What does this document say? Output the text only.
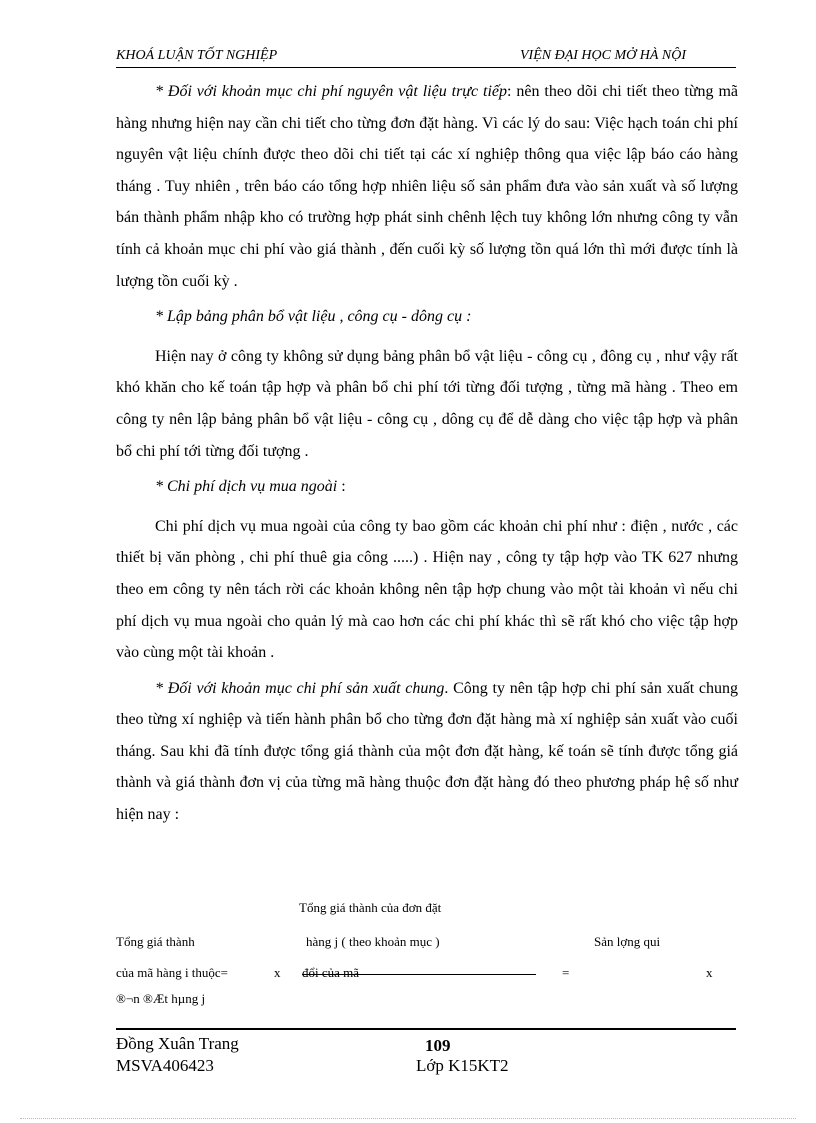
KHOÁ LUẬN TỐT NGHIỆP	VIỆN ĐẠI HỌC MỞ HÀ NỘI

* Đối với khoản mục chi phí nguyên vật liệu trực tiếp: nên theo dõi chi tiết theo từng mã hàng nhưng hiện nay cần chi tiết cho từng đơn đặt hàng. Vì các lý do sau: Việc hạch toán chi phí nguyên vật liệu chính được theo dõi chi tiết tại các xí nghiệp thông qua việc lập báo cáo hàng tháng . Tuy nhiên , trên báo cáo tổng hợp nhiên liệu số sản phẩm đưa vào sản xuất và số lượng bán thành phẩm nhập kho có trường hợp phát sinh chênh lệch tuy không lớn nhưng công ty vẫn tính cả khoản mục chi phí vào giá thành , đến cuối kỳ số lượng tồn quá lớn thì mới được tính là lượng tồn cuối kỳ .

* Lập bảng phân bổ vật liệu , công cụ - dông cụ :

Hiện nay ở công ty không sử dụng bảng phân bổ vật liệu - công cụ , đông cụ , như vậy rất khó khăn cho kế toán tập hợp và phân bổ chi phí tới từng đối tượng , từng mã hàng . Theo em công ty nên lập bảng phân bổ vật liệu - công cụ , dông cụ để dễ dàng cho việc tập hợp và phân bổ chi phí tới từng đối tượng .

* Chi phí dịch vụ mua ngoài :

Chi phí dịch vụ mua ngoài của công ty bao gồm các khoản chi phí như : điện , nước , các thiết bị văn phòng , chi phí thuê gia công .....) . Hiện nay , công ty tập hợp vào TK 627 nhưng theo em công ty nên tách rời các khoản không nên tập hợp chung vào một tài khoản vì nếu chi phí dịch vụ mua ngoài cho quản lý mà cao hơn các chi phí khác thì sẽ rất khó cho việc tập hợp vào cùng một tài khoản .

* Đối với khoản mục chi phí sản xuất chung. Công ty nên tập hợp chi phí sản xuất chung theo từng xí nghiệp và tiến hành phân bổ cho từng đơn đặt hàng mà xí nghiệp sản xuất vào cuối tháng. Sau khi đã tính được tổng giá thành của một đơn đặt hàng, kế toán sẽ tính được tổng giá thành và giá thành đơn vị của từng mã hàng thuộc đơn đặt hàng đó theo phương pháp hệ số như hiện nay :

Tổng giá thành của đơn đặt
Tổng giá thành	hàng j ( theo khoản mục )	Sản lợng qui
của mã hàng i thuộc=	x đổi của mã	=	x
®¬n ®Æt hµng j
Đồng Xuân Trang
MSVA406423
109
Lớp K15KT2
